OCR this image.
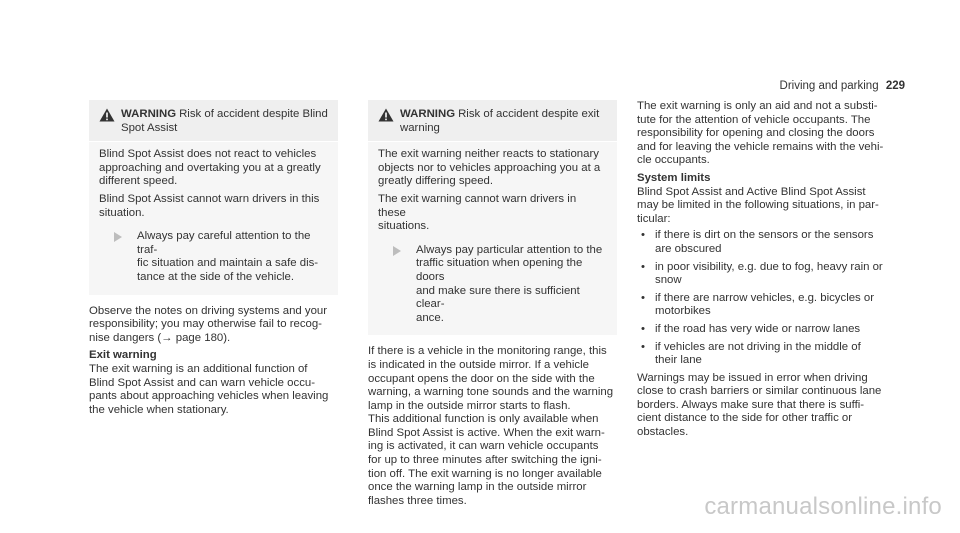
Driving and parking 229
WARNING Risk of accident despite Blind
Spot Assist

Blind Spot Assist does not react to vehicles
approaching and overtaking you at a greatly
different speed.

Blind Spot Assist cannot warn drivers in this
situation.

Always pay careful attention to the traf-
fic situation and maintain a safe dis-
tance at the side of the vehicle.

Observe the notes on driving systems and your
responsibility; you may otherwise fail to recog-
nise dangers (→ page 180).

Exit warning

The exit warning is an additional function of
Blind Spot Assist and can warn vehicle occu-
pants about approaching vehicles when leaving
the vehicle when stationary.

WARNING Risk of accident despite exit
warning

The exit warning neither reacts to stationary
objects nor to vehicles approaching you at a
greatly differing speed.

The exit warning cannot warn drivers in these
situations.

Always pay particular attention to the
traffic situation when opening the doors
and make sure there is sufficient clear-
ance.

If there is a vehicle in the monitoring range, this
is indicated in the outside mirror. If a vehicle
occupant opens the door on the side with the
warning, a warning tone sounds and the warning
lamp in the outside mirror starts to flash.

This additional function is only available when
Blind Spot Assist is active. When the exit warn-
ing is activated, it can warn vehicle occupants
for up to three minutes after switching the igni-
tion off. The exit warning is no longer available
once the warning lamp in the outside mirror
flashes three times.

The exit warning is only an aid and not a substi-
tute for the attention of vehicle occupants. The
responsibility for opening and closing the doors
and for leaving the vehicle remains with the vehi-
cle occupants.

System limits

Blind Spot Assist and Active Blind Spot Assist
may be limited in the following situations, in par-
ticular:

• if there is dirt on the sensors or the sensors
are obscured
• in poor visibility, e.g. due to fog, heavy rain or
snow
• if there are narrow vehicles, e.g. bicycles or
motorbikes
• if the road has very wide or narrow lanes
• if vehicles are not driving in the middle of
their lane

Warnings may be issued in error when driving
close to crash barriers or similar continuous lane
borders. Always make sure that there is suffi-
cient distance to the side for other traffic or
obstacles.

carmanualsonline.info
